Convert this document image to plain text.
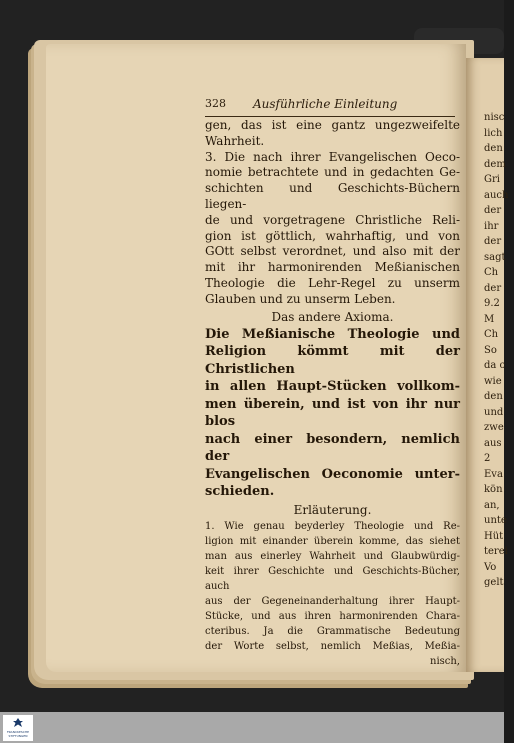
328 Ausführliche Einleitung
gen, das ist eine gantz ungezweifelte
Wahrheit.
3. Die nach ihrer Evangelischen Oeco-
nomie betrachtete und in gedachten Ge-
schichten und Geschichts-Büchern liegen-
de und vorgetragene Christliche Reli-
gion ist göttlich, wahrhaftig, und von
GOtt selbst verordnet, und also mit der
mit ihr harmonirenden Meßianischen
Theologie die Lehr-Regel zu unserm
Glauben und zu unserm Leben.
Das andere Axioma.
Die Meßianische Theologie und
Religion kömmt mit der Christlichen
in allen Haupt-Stücken vollkom-
men überein, und ist von ihr nur blos
nach einer besondern, nemlich der
Evangelischen Oeconomie unter-
schieden.
Erläuterung.
1. Wie genau beyderley Theologie und Re-
ligion mit einander überein komme, das siehet
man aus einerley Wahrheit und Glaubwürdig-
keit ihrer Geschichte und Geschichts-Bücher, auch
aus der Gegeneinanderhaltung ihrer Haupt-
Stücke, und aus ihren harmonirenden Chara-
cteribus. Ja die Grammatische Bedeutung
der Worte selbst, nemlich Meßias, Meßia-
nisch,
nisc
lich
den
dem
Gri
auch
der
ihr
der
sagt
Ch
der
9.2
M
Ch
So
da c
wie
den
und
zwe
aus
2
Eva
kön
an,
unte
Hüt
terei
Vo
gelt
FRANCKESCHE STIFTUNGEN
